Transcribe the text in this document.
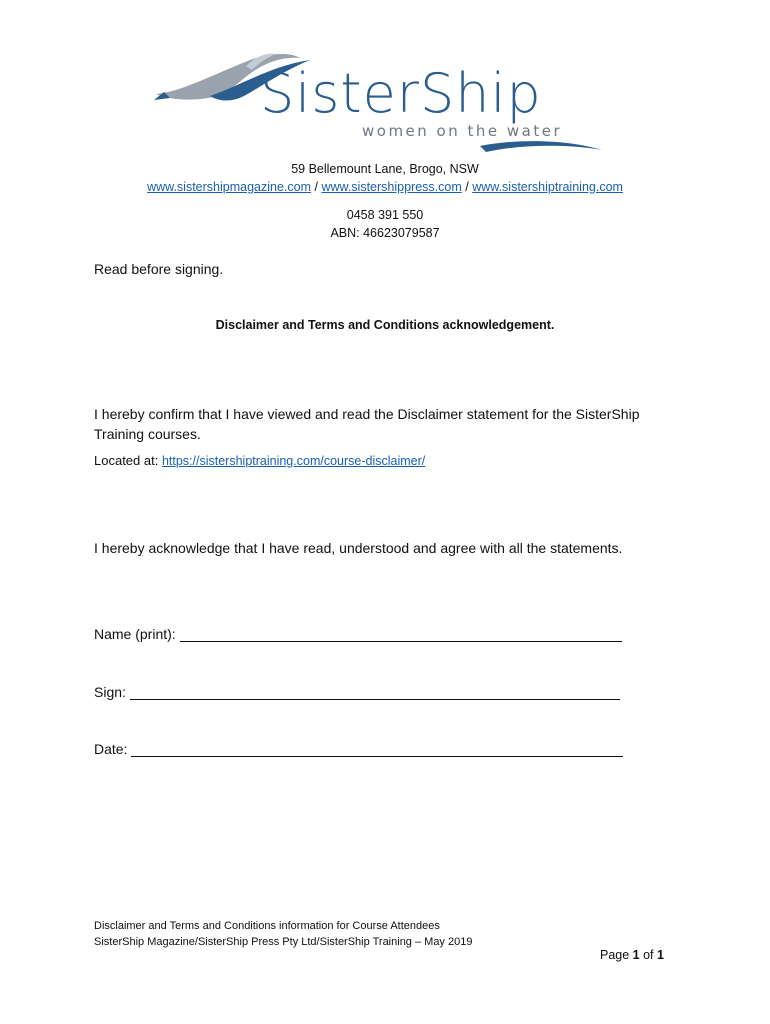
SisterShip
women on the water
59 Bellemount Lane, Brogo, NSW
www.sistershipmagazine.com / www.sistershippress.com / www.sistershiptraining.com
0458 391 550
ABN: 46623079587
Read before signing.
Disclaimer and Terms and Conditions acknowledgement.
I hereby confirm that I have viewed and read the Disclaimer statement for the SisterShip
Training courses.
Located at: https://sistershiptraining.com/course-disclaimer/
I hereby acknowledge that I have read, understood and agree with all the statements.
Name (print):
Sign:
Date:
Disclaimer and Terms and Conditions information for Course Attendees
SisterShip Magazine/SisterShip Press Pty Ltd/SisterShip Training – May 2019
Page 1 of 1
